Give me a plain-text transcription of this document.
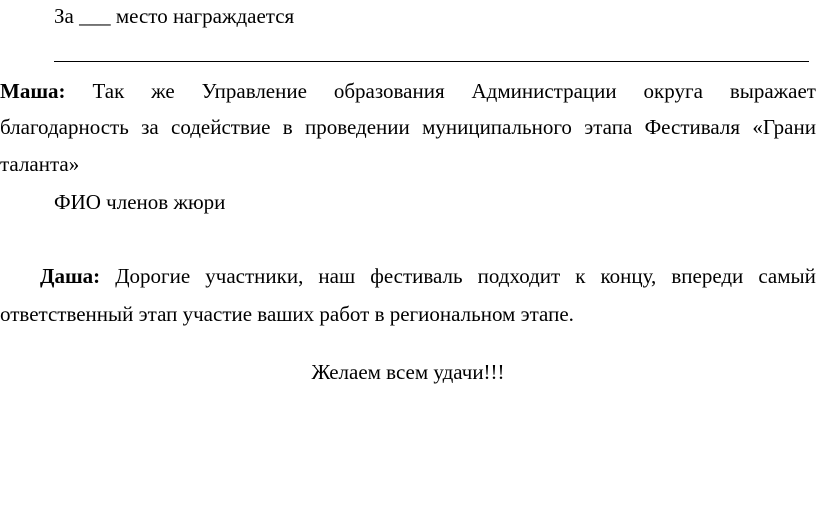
За ___ место награждается
Маша: Так же Управление образования Администрации округа выражает
благодарность за содействие в проведении муниципального этапа Фестиваля «Грани
таланта»
ФИО членов жюри
Даша: Дорогие участники, наш фестиваль подходит к концу, впереди самый
ответственный этап участие ваших работ в региональном этапе.
Желаем всем удачи!!!
